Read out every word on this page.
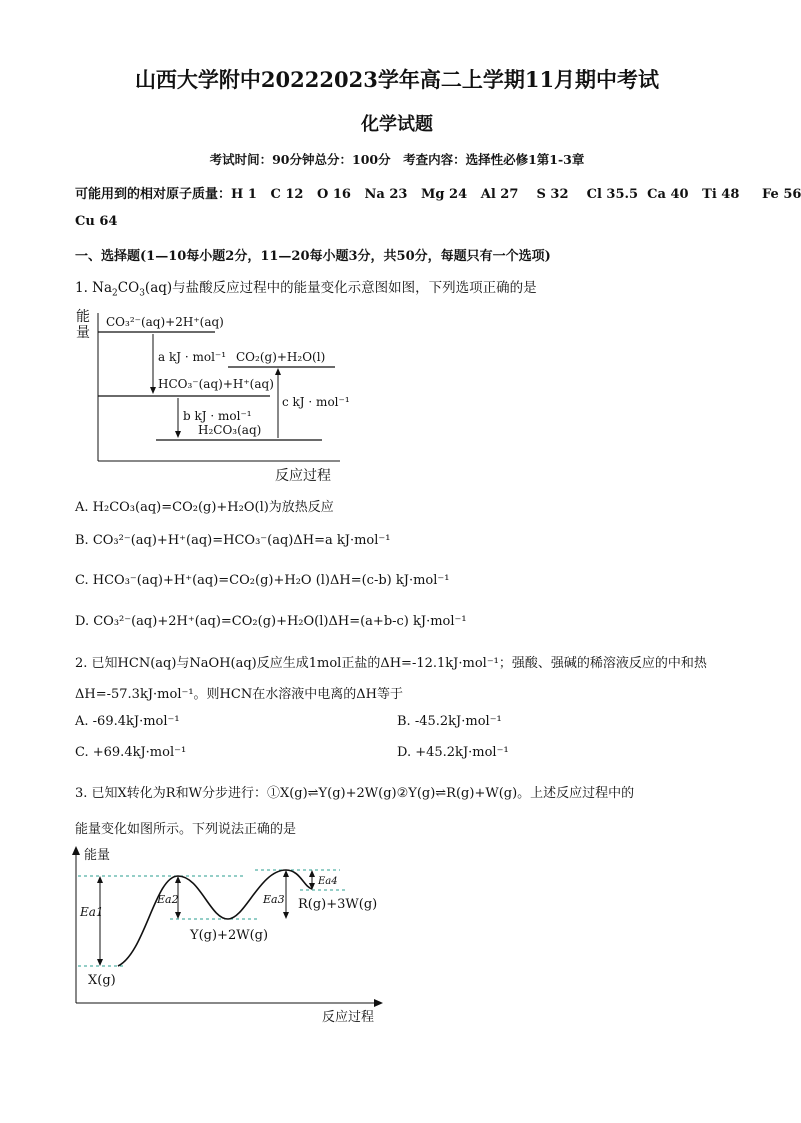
山西大学附中20222023学年高二上学期11月期中考试
化学试题
考试时间：90分钟总分：100分　考查内容：选择性必修1第1-3章
可能用到的相对原子质量：H 1 C 12 O 16 Na 23 Mg 24 Al 27 S 32 Cl 35.5 Ca 40 Ti 48 Fe 56
Cu 64
一、选择题(1—10每小题2分，11—20每小题3分，共50分，每题只有一个选项)
1. $Na_2CO_3(aq)$与盐酸反应过程中的能量变化示意图如图，下列选项正确的是
能
量
反应过程
CO₃²⁻(aq)+2H⁺(aq)
HCO₃⁻(aq)+H⁺(aq)
CO₂(g)+H₂O(l)
H₂CO₃(aq)
a kJ · mol⁻¹
b kJ · mol⁻¹
c kJ · mol⁻¹
A. H₂CO₃(aq)=CO₂(g)+H₂O(l)为放热反应
B. CO₃²⁻(aq)+H⁺(aq)=HCO₃⁻(aq)ΔH=a kJ·mol⁻¹
C. HCO₃⁻(aq)+H⁺(aq)=CO₂(g)+H₂O (l)ΔH=(c-b) kJ·mol⁻¹
D. CO₃²⁻(aq)+2H⁺(aq)=CO₂(g)+H₂O(l)ΔH=(a+b-c) kJ·mol⁻¹
2. 已知HCN(aq)与NaOH(aq)反应生成1mol正盐的ΔH=-12.1kJ·mol⁻¹；强酸、强碱的稀溶液反应的中和热
ΔH=-57.3kJ·mol⁻¹。则HCN在水溶液中电离的ΔH等于
A. -69.4kJ·mol⁻¹	B. -45.2kJ·mol⁻¹
C. +69.4kJ·mol⁻¹	D. +45.2kJ·mol⁻¹
3. 已知X转化为R和W分步进行：①X(g)⇌Y(g)+2W(g)②Y(g)⇌R(g)+W(g)。上述反应过程中的
能量变化如图所示。下列说法正确的是
能量
反应过程
Ea1
Ea2	Ea3
Ea4
X(g)
Y(g)+2W(g)
R(g)+3W(g)
